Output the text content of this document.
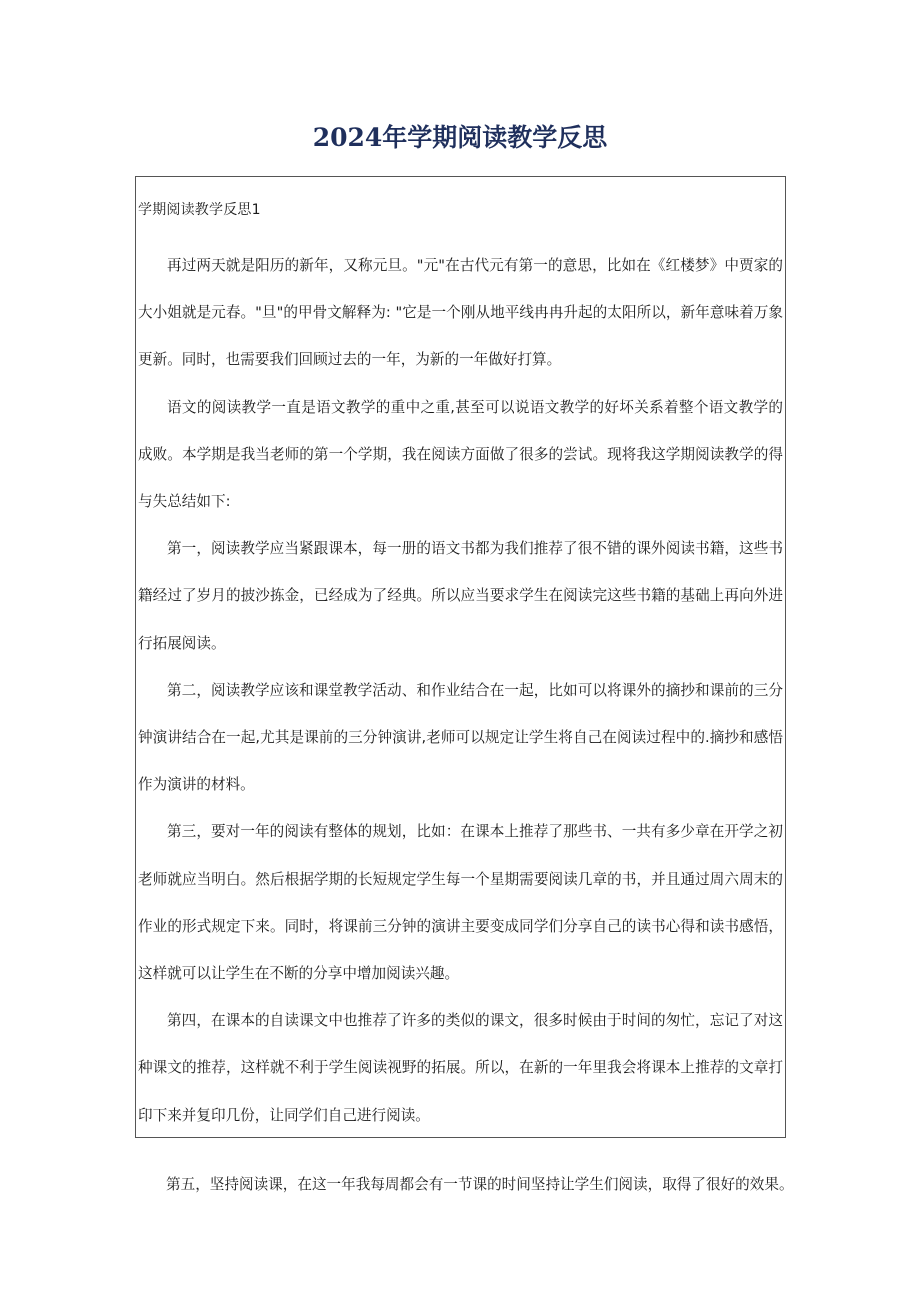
2024年学期阅读教学反思

学期阅读教学反思1

再过两天就是阳历的新年，又称元旦。"元"在古代元有第一的意思，比如在《红楼梦》中贾家的大小姐就是元春。"旦"的甲骨文解释为: "它是一个刚从地平线冉冉升起的太阳所以，新年意味着万象更新。同时，也需要我们回顾过去的一年，为新的一年做好打算。

语文的阅读教学一直是语文教学的重中之重,甚至可以说语文教学的好坏关系着整个语文教学的成败。本学期是我当老师的第一个学期，我在阅读方面做了很多的尝试。现将我这学期阅读教学的得与失总结如下:

第一，阅读教学应当紧跟课本，每一册的语文书都为我们推荐了很不错的课外阅读书籍，这些书籍经过了岁月的披沙拣金，已经成为了经典。所以应当要求学生在阅读完这些书籍的基础上再向外进行拓展阅读。

第二，阅读教学应该和课堂教学活动、和作业结合在一起，比如可以将课外的摘抄和课前的三分钟演讲结合在一起,尤其是课前的三分钟演讲,老师可以规定让学生将自己在阅读过程中的.摘抄和感悟作为演讲的材料。

第三，要对一年的阅读有整体的规划，比如：在课本上推荐了那些书、一共有多少章在开学之初老师就应当明白。然后根据学期的长短规定学生每一个星期需要阅读几章的书，并且通过周六周末的作业的形式规定下来。同时，将课前三分钟的演讲主要变成同学们分享自己的读书心得和读书感悟，这样就可以让学生在不断的分享中增加阅读兴趣。

第四，在课本的自读课文中也推荐了许多的类似的课文，很多时候由于时间的匆忙，忘记了对这种课文的推荐，这样就不利于学生阅读视野的拓展。所以，在新的一年里我会将课本上推荐的文章打印下来并复印几份，让同学们自己进行阅读。

第五，坚持阅读课，在这一年我每周都会有一节课的时间坚持让学生们阅读，取得了很好的效果。
